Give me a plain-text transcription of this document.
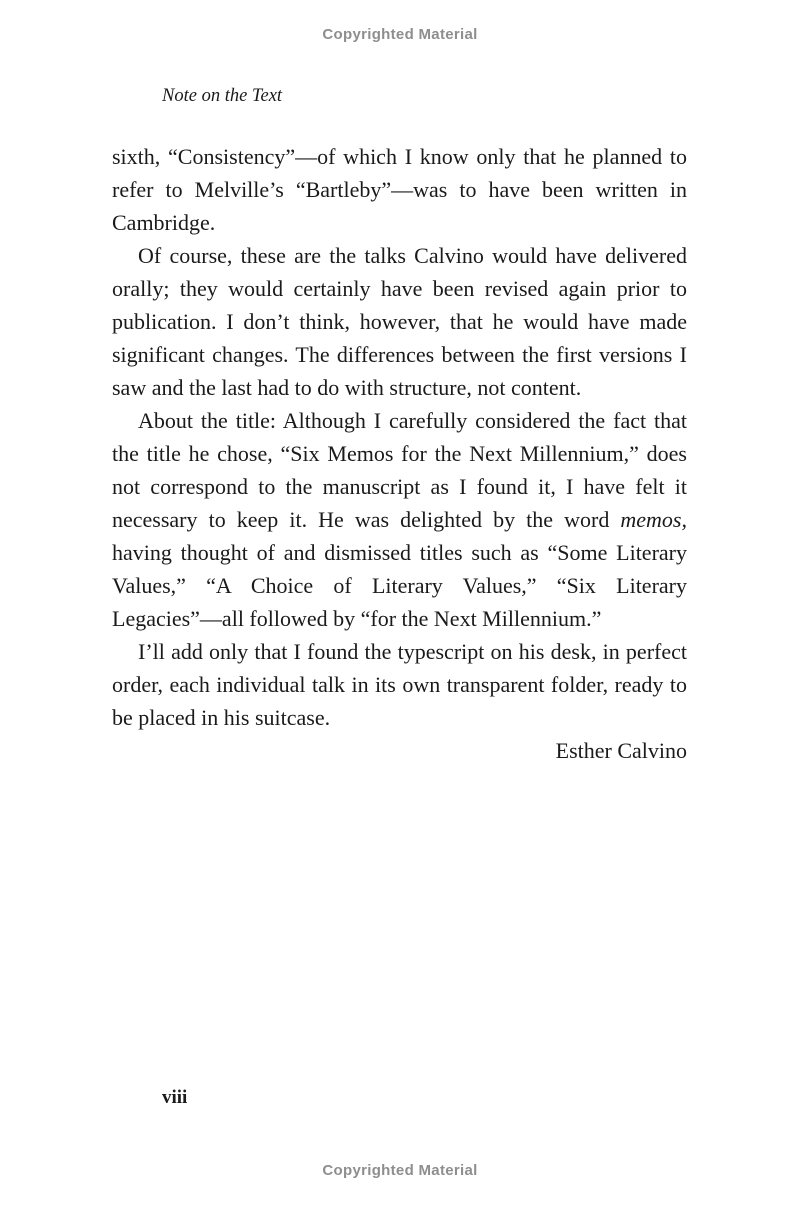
Copyrighted Material
Note on the Text

sixth, “Consistency”—of which I know only that he planned to refer to Melville’s “Bartleby”—was to have been written in Cambridge.

Of course, these are the talks Calvino would have delivered orally; they would certainly have been revised again prior to publication. I don’t think, however, that he would have made significant changes. The differences between the first versions I saw and the last had to do with structure, not content.

About the title: Although I carefully considered the fact that the title he chose, “Six Memos for the Next Millennium,” does not correspond to the manuscript as I found it, I have felt it necessary to keep it. He was delighted by the word memos, having thought of and dismissed titles such as “Some Literary Values,” “A Choice of Literary Values,” “Six Literary Legacies”—all followed by “for the Next Millennium.”

I’ll add only that I found the typescript on his desk, in perfect order, each individual talk in its own transparent folder, ready to be placed in his suitcase.

Esther Calvino

viii
Copyrighted Material
